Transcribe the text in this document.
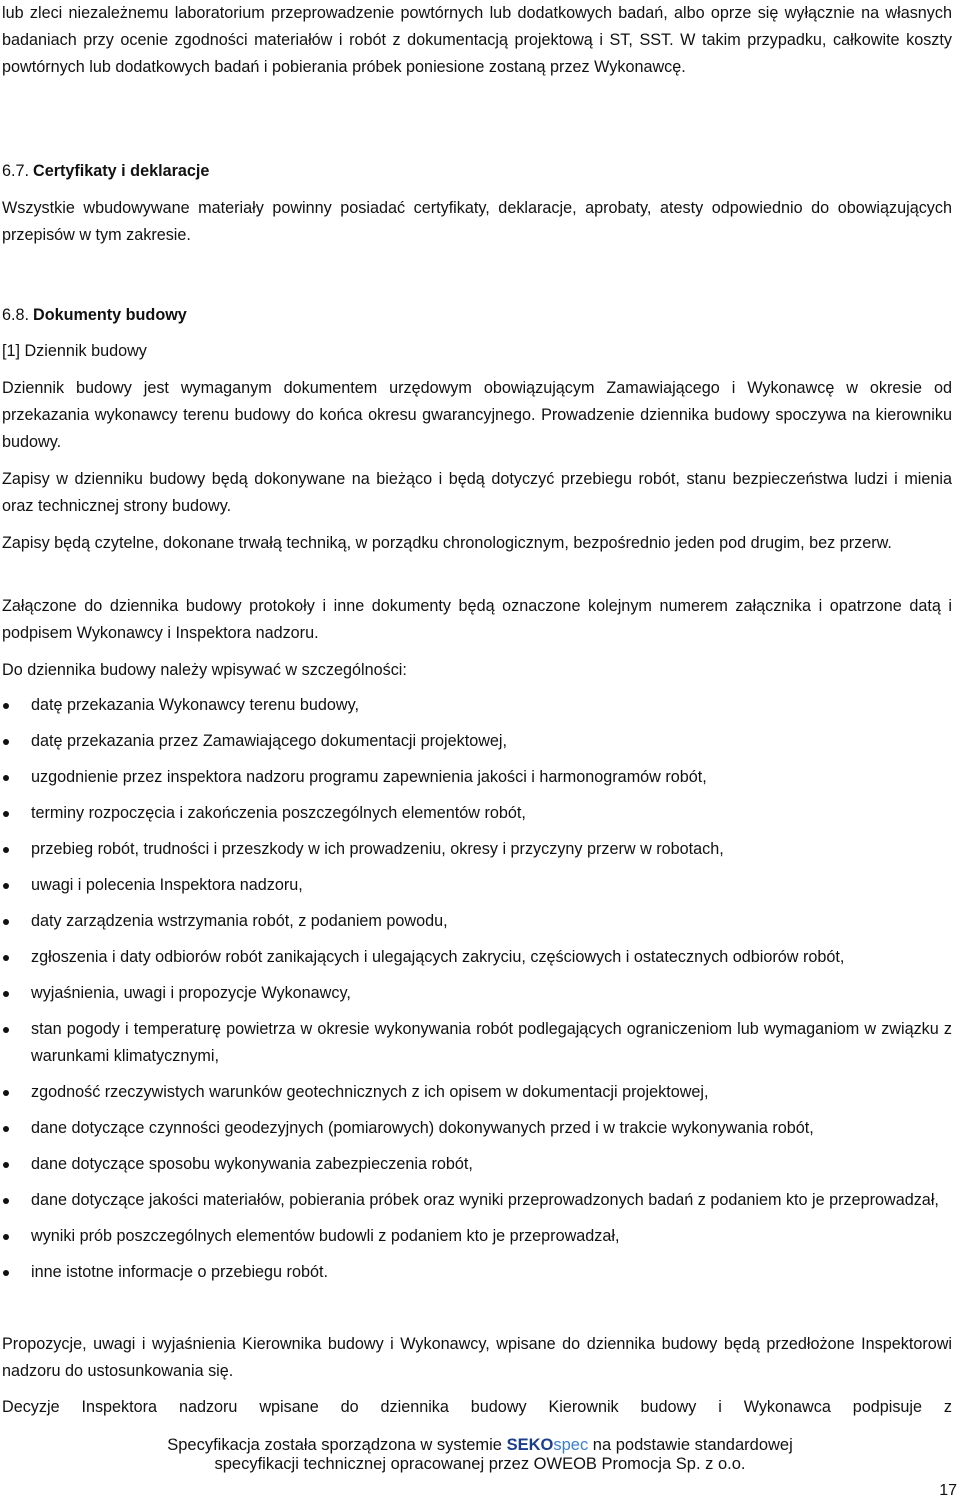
lub zleci niezależnemu laboratorium przeprowadzenie powtórnych lub dodatkowych badań, albo oprze się wyłącznie na własnych badaniach przy ocenie zgodności materiałów i robót z dokumentacją projektową i ST, SST. W takim przypadku, całkowite koszty powtórnych lub dodatkowych badań i pobierania próbek poniesione zostaną przez Wykonawcę.

6.7. Certyfikaty i deklaracje

Wszystkie wbudowywane materiały powinny posiadać certyfikaty, deklaracje, aprobaty, atesty odpowiednio do obowiązujących przepisów w tym zakresie.

6.8. Dokumenty budowy

[1] Dziennik budowy

Dziennik budowy jest wymaganym dokumentem urzędowym obowiązującym Zamawiającego i Wykonawcę w okresie od przekazania wykonawcy terenu budowy do końca okresu gwarancyjnego. Prowadzenie dziennika budowy spoczywa na kierowniku budowy.

Zapisy w dzienniku budowy będą dokonywane na bieżąco i będą dotyczyć przebiegu robót, stanu bezpieczeństwa ludzi i mienia oraz technicznej strony budowy.

Zapisy będą czytelne, dokonane trwałą techniką, w porządku chronologicznym, bezpośrednio jeden pod drugim, bez przerw.

Załączone do dziennika budowy protokoły i inne dokumenty będą oznaczone kolejnym numerem załącznika i opatrzone datą i podpisem Wykonawcy i Inspektora nadzoru.

Do dziennika budowy należy wpisywać w szczególności:

datę przekazania Wykonawcy terenu budowy,
datę przekazania przez Zamawiającego dokumentacji projektowej,
uzgodnienie przez inspektora nadzoru programu zapewnienia jakości i harmonogramów robót,
terminy rozpoczęcia i zakończenia poszczególnych elementów robót,
przebieg robót, trudności i przeszkody w ich prowadzeniu, okresy i przyczyny przerw w robotach,
uwagi i polecenia Inspektora nadzoru,
daty zarządzenia wstrzymania robót, z podaniem powodu,
zgłoszenia i daty odbiorów robót zanikających i ulegających zakryciu, częściowych i ostatecznych odbiorów robót,
wyjaśnienia, uwagi i propozycje Wykonawcy,
stan pogody i temperaturę powietrza w okresie wykonywania robót podlegających ograniczeniom lub wymaganiom w związku z warunkami klimatycznymi,
zgodność rzeczywistych warunków geotechnicznych z ich opisem w dokumentacji projektowej,
dane dotyczące czynności geodezyjnych (pomiarowych) dokonywanych przed i w trakcie wykonywania robót,
dane dotyczące sposobu wykonywania zabezpieczenia robót,
dane dotyczące jakości materiałów, pobierania próbek oraz wyniki przeprowadzonych badań z podaniem kto je przeprowadzał,
wyniki prób poszczególnych elementów budowli z podaniem kto je przeprowadzał,
inne istotne informacje o przebiegu robót.

Propozycje, uwagi i wyjaśnienia Kierownika budowy i Wykonawcy, wpisane do dziennika budowy będą przedłożone Inspektorowi nadzoru do ustosunkowania się.

Decyzje Inspektora nadzoru wpisane do dziennika budowy Kierownik budowy i Wykonawca podpisuje z

Specyfikacja została sporządzona w systemie SEKOspec na podstawie standardowej
specyfikacji technicznej opracowanej przez OWEOB Promocja Sp. z o.o.
17
